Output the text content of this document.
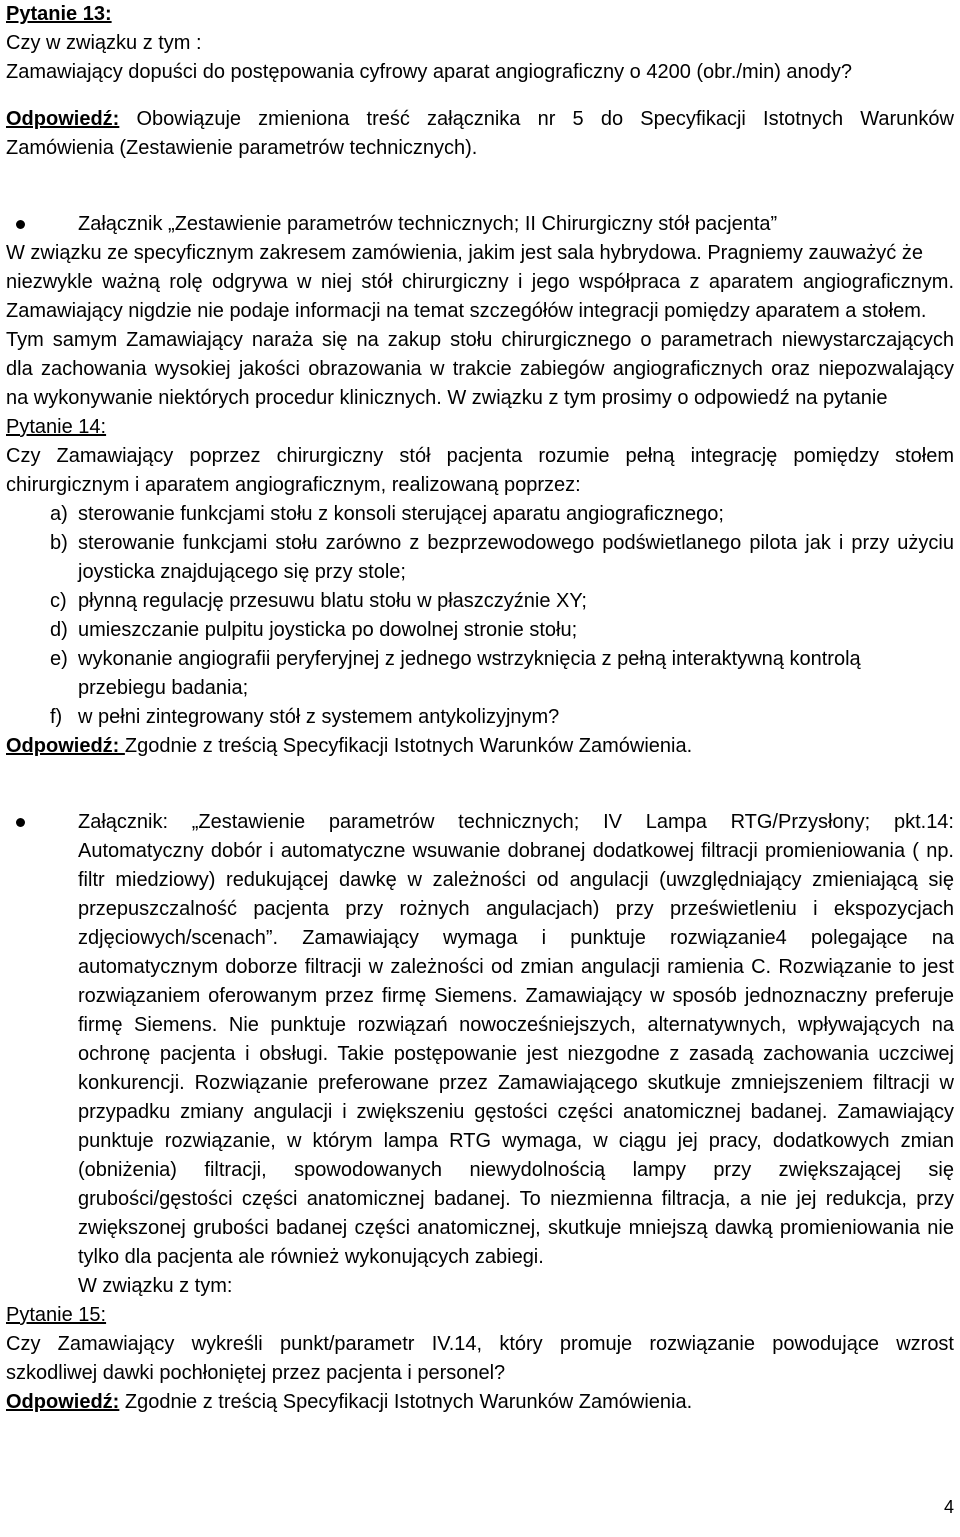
Pytanie 13:
Czy w związku z tym :
Zamawiający dopuści do postępowania cyfrowy aparat angiograficzny o 4200 (obr./min) anody?
Odpowiedź: Obowiązuje zmieniona treść załącznika nr 5 do Specyfikacji Istotnych Warunków
Zamówienia (Zestawienie parametrów technicznych).
Załącznik „Zestawienie parametrów technicznych; II Chirurgiczny stół pacjenta”
W związku ze specyficznym zakresem zamówienia, jakim jest sala hybrydowa. Pragniemy zauważyć że
niezwykle ważną rolę odgrywa w niej stół chirurgiczny i jego współpraca z aparatem angiograficznym.
Zamawiający nigdzie nie podaje informacji na temat szczegółów integracji pomiędzy aparatem a stołem.
Tym samym Zamawiający naraża się na zakup stołu chirurgicznego o parametrach niewystarczających
dla zachowania wysokiej jakości obrazowania w trakcie zabiegów angiograficznych oraz niepozwalający
na wykonywanie niektórych procedur klinicznych. W związku z tym prosimy o odpowiedź na pytanie
Pytanie 14:
Czy Zamawiający poprzez chirurgiczny stół pacjenta rozumie pełną integrację pomiędzy stołem
chirurgicznym i aparatem angiograficznym, realizowaną poprzez:
a) sterowanie funkcjami stołu z konsoli sterującej aparatu angiograficznego;
b) sterowanie funkcjami stołu zarówno z bezprzewodowego podświetlanego pilota jak i przy użyciu
joysticka znajdującego się przy stole;
c) płynną regulację przesuwu blatu stołu w płaszczyźnie XY;
d) umieszczanie pulpitu joysticka po dowolnej stronie stołu;
e) wykonanie angiografii peryferyjnej z jednego wstrzyknięcia z pełną interaktywną kontrolą
przebiegu badania;
f) w pełni zintegrowany stół z systemem antykolizyjnym?
Odpowiedź: Zgodnie z treścią Specyfikacji Istotnych Warunków Zamówienia.
Załącznik: „Zestawienie parametrów technicznych; IV Lampa RTG/Przysłony; pkt.14:
Automatyczny dobór i automatyczne wsuwanie dobranej dodatkowej filtracji promieniowania ( np.
filtr miedziowy) redukującej dawkę w zależności od angulacji (uwzględniający zmieniającą się
przepuszczalność pacjenta przy rożnych angulacjach) przy prześwietleniu i ekspozycjach
zdjęciowych/scenach”. Zamawiający wymaga i punktuje rozwiązanie4 polegające na
automatycznym doborze filtracji w zależności od zmian angulacji ramienia C. Rozwiązanie to jest
rozwiązaniem oferowanym przez firmę Siemens. Zamawiający w sposób jednoznaczny preferuje
firmę Siemens. Nie punktuje rozwiązań nowocześniejszych, alternatywnych, wpływających na
ochronę pacjenta i obsługi. Takie postępowanie jest niezgodne z zasadą zachowania uczciwej
konkurencji. Rozwiązanie preferowane przez Zamawiającego skutkuje zmniejszeniem filtracji w
przypadku zmiany angulacji i zwiększeniu gęstości części anatomicznej badanej. Zamawiający
punktuje rozwiązanie, w którym lampa RTG wymaga, w ciągu jej pracy, dodatkowych zmian
(obniżenia) filtracji, spowodowanych niewydolnością lampy przy zwiększającej się
grubości/gęstości części anatomicznej badanej. To niezmienna filtracja, a nie jej redukcja, przy
zwiększonej grubości badanej części anatomicznej, skutkuje mniejszą dawką promieniowania nie
tylko dla pacjenta ale również wykonujących zabiegi.
W związku z tym:
Pytanie 15:
Czy Zamawiający wykreśli punkt/parametr IV.14, który promuje rozwiązanie powodujące wzrost
szkodliwej dawki pochłoniętej przez pacjenta i personel?
Odpowiedź: Zgodnie z treścią Specyfikacji Istotnych Warunków Zamówienia.
4
